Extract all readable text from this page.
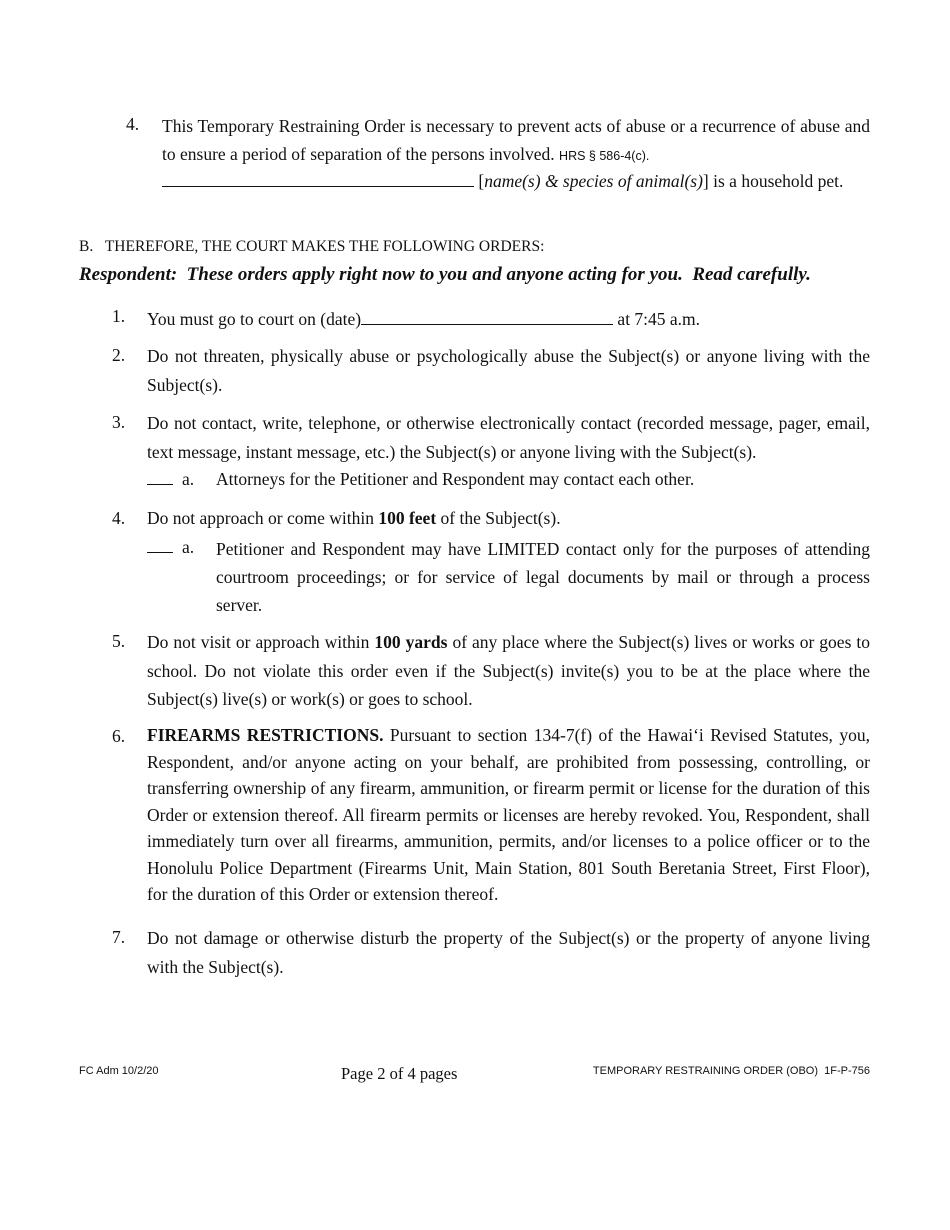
4. This Temporary Restraining Order is necessary to prevent acts of abuse or a recurrence of abuse and to ensure a period of separation of the persons involved. HRS § 586-4(c).
[name(s) & species of animal(s)] is a household pet.
B.   THEREFORE, THE COURT MAKES THE FOLLOWING ORDERS:
Respondent:  These orders apply right now to you and anyone acting for you.  Read carefully.
1. You must go to court on (date)	at 7:45 a.m.
2. Do not threaten, physically abuse or psychologically abuse the Subject(s) or anyone living with the Subject(s).
3. Do not contact, write, telephone, or otherwise electronically contact (recorded message, pager, email, text message, instant message, etc.) the Subject(s) or anyone living with the Subject(s).
a. Attorneys for the Petitioner and Respondent may contact each other.
4. Do not approach or come within 100 feet of the Subject(s).
a. Petitioner and Respondent may have LIMITED contact only for the purposes of attending courtroom proceedings; or for service of legal documents by mail or through a process server.
5. Do not visit or approach within 100 yards of any place where the Subject(s) lives or works or goes to school. Do not violate this order even if the Subject(s) invite(s) you to be at the place where the Subject(s) live(s) or work(s) or goes to school.
6. FIREARMS RESTRICTIONS. Pursuant to section 134-7(f) of the Hawai‘i Revised Statutes, you, Respondent, and/or anyone acting on your behalf, are prohibited from possessing, controlling, or transferring ownership of any firearm, ammunition, or firearm permit or license for the duration of this Order or extension thereof. All firearm permits or licenses are hereby revoked. You, Respondent, shall immediately turn over all firearms, ammunition, permits, and/or licenses to a police officer or to the Honolulu Police Department (Firearms Unit, Main Station, 801 South Beretania Street, First Floor), for the duration of this Order or extension thereof.
7. Do not damage or otherwise disturb the property of the Subject(s) or the property of anyone living with the Subject(s).
FC Adm 10/2/20	Page 2 of 4 pages	TEMPORARY RESTRAINING ORDER (OBO)  1F-P-756
